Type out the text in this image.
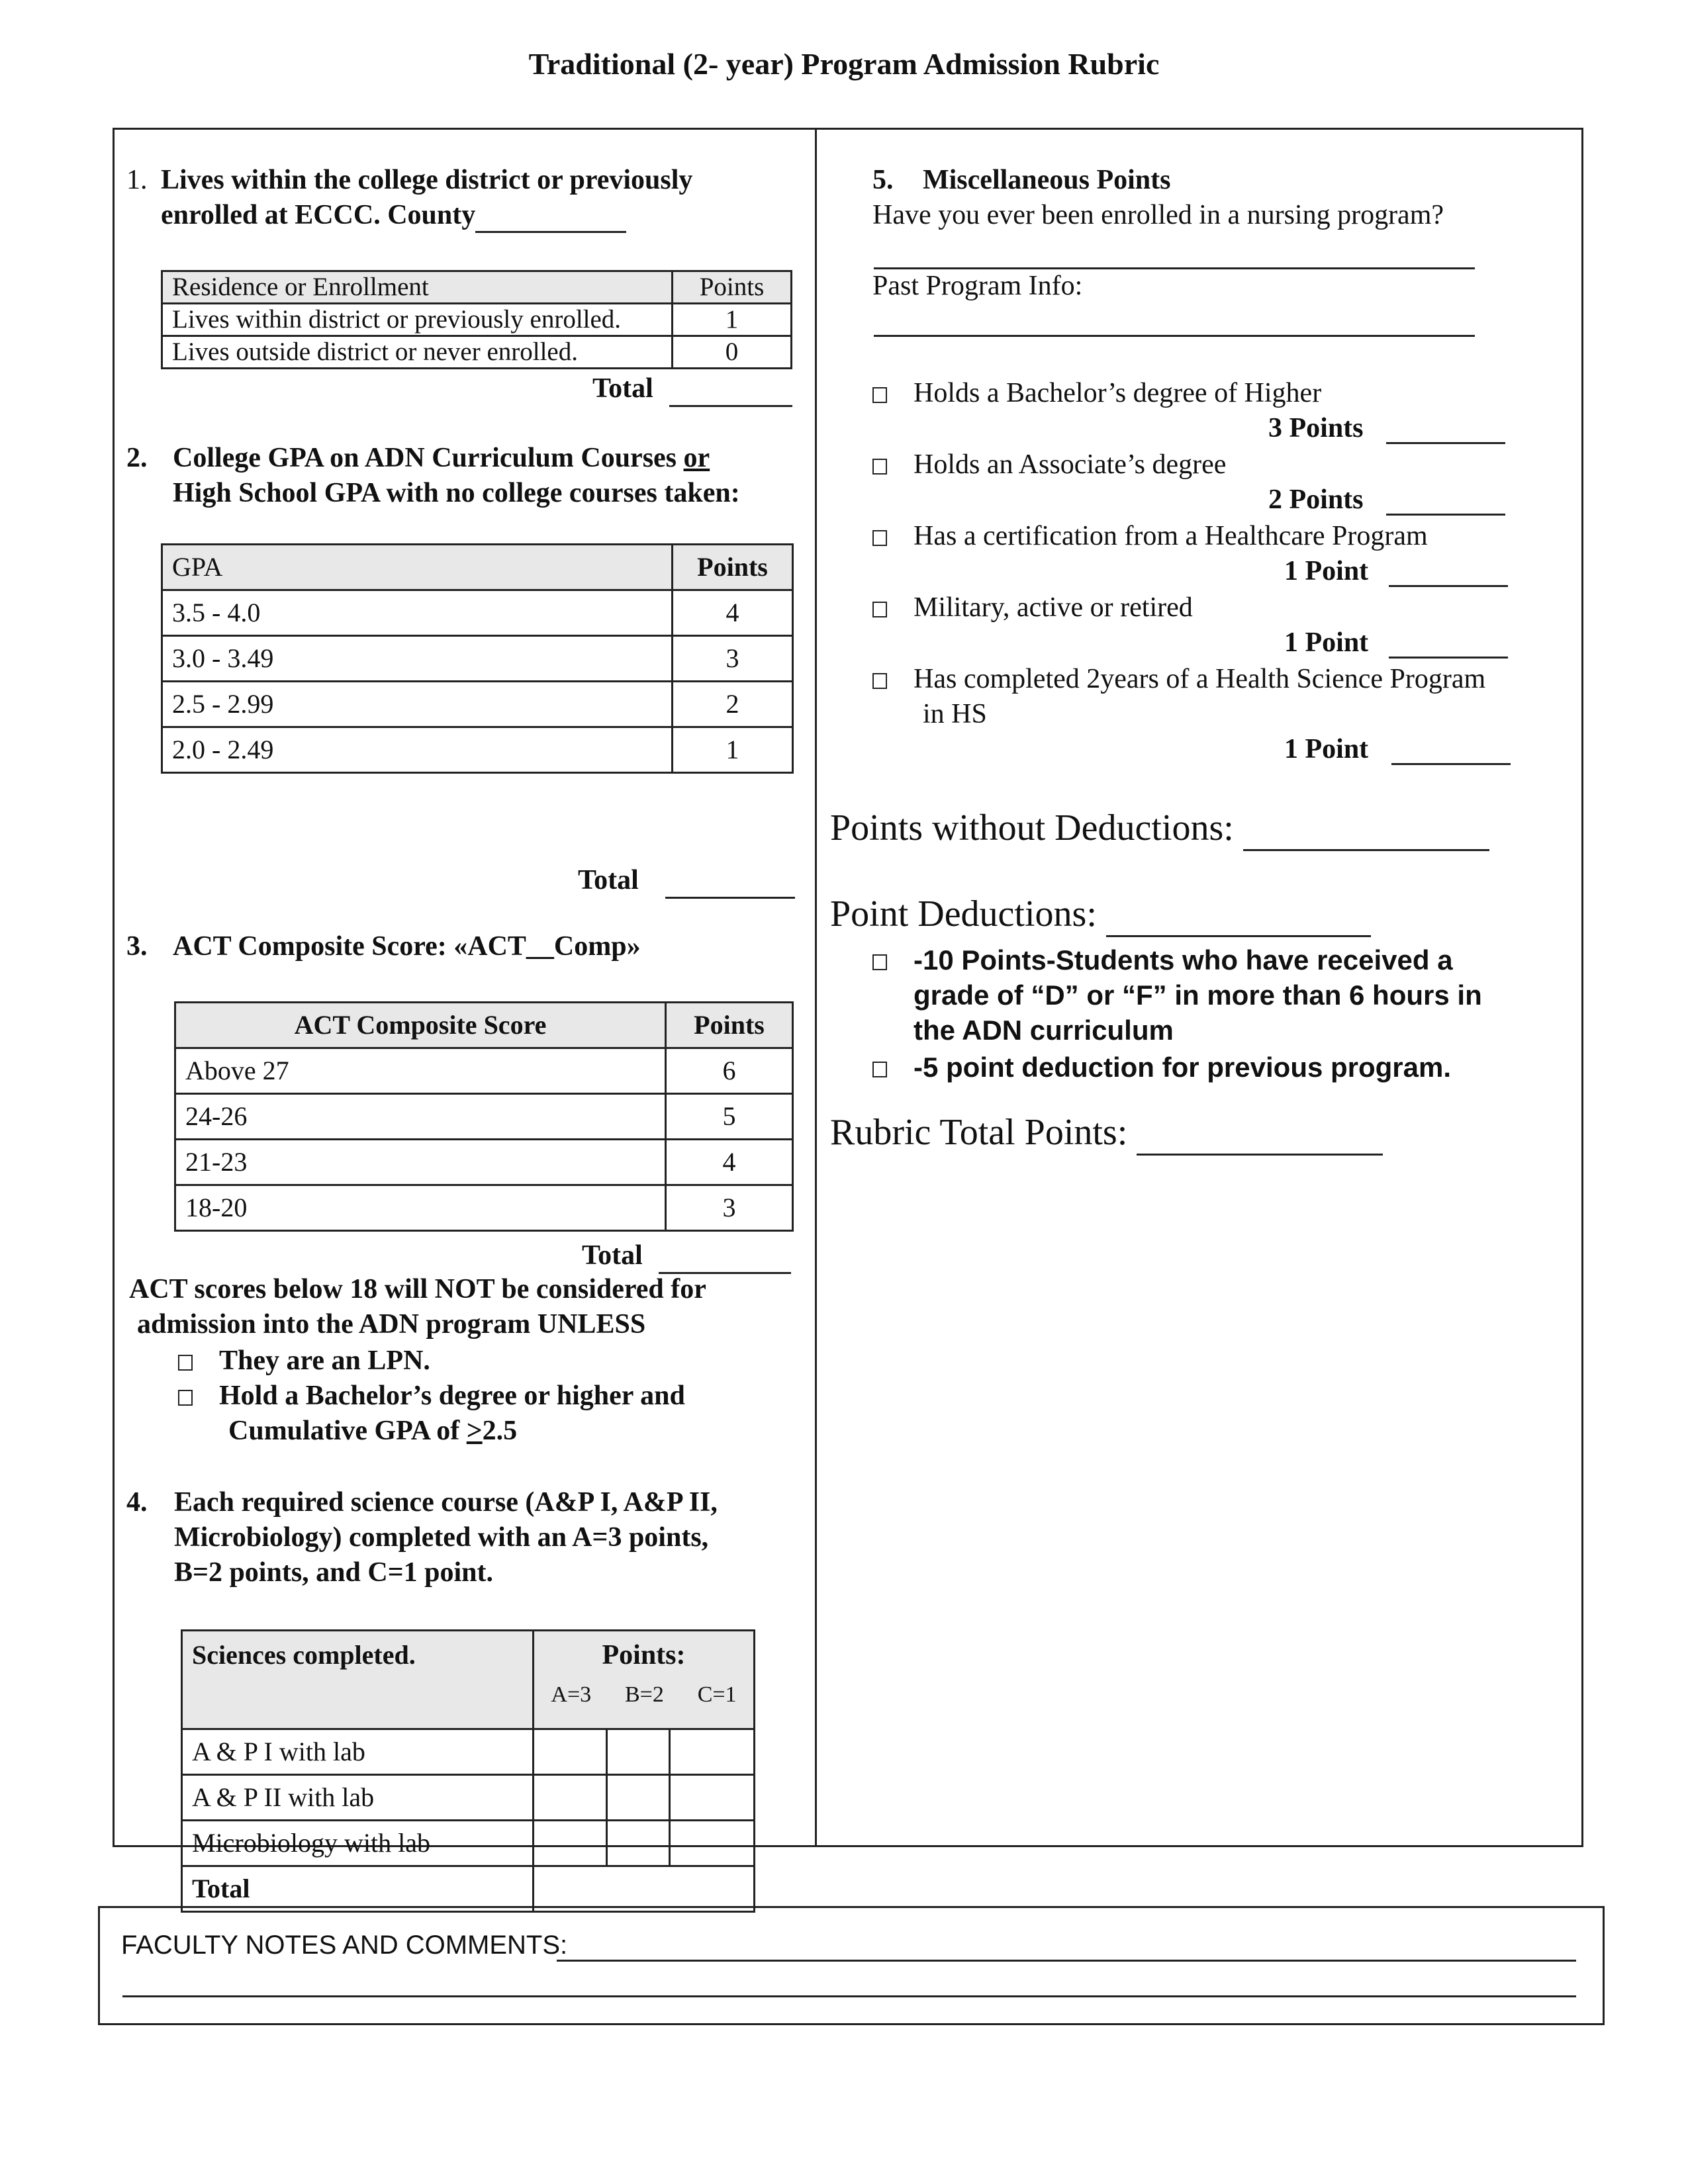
Traditional (2- year) Program Admission Rubric
1. Lives within the college district or previously
enrolled at ECCC. County
Residence or Enrollment	Points
Lives within district or previously enrolled.	1
Lives outside district or never enrolled.	0
Total
2. College GPA on ADN Curriculum Courses or
High School GPA with no college courses taken:
GPA	Points
3.5 - 4.0	4
3.0 - 3.49	3
2.5 - 2.99	2
2.0 - 2.49	1
Total
3. ACT Composite Score: «ACT__Comp»
ACT Composite Score	Points
Above 27	6
24-26	5
21-23	4
18-20	3
Total
ACT scores below 18 will NOT be considered for
admission into the ADN program UNLESS
They are an LPN.
Hold a Bachelor’s degree or higher and
Cumulative GPA of ≥2.5
4. Each required science course (A&P I, A&P II,
Microbiology) completed with an A=3 points,
B=2 points, and C=1 point.
Sciences completed.	Points:
A=3 B=2 C=1		

A & P I with lab			
A & P II with lab			
Microbiology with lab			
Total			
5. Miscellaneous Points
Have you ever been enrolled in a nursing program?
Past Program Info:
Holds a Bachelor’s degree of Higher
3 Points
Holds an Associate’s degree
2 Points
Has a certification from a Healthcare Program
1 Point
Military, active or retired
1 Point
Has completed 2years of a Health Science Program
in HS
1 Point
Points without Deductions:
Point Deductions:
-10 Points-Students who have received a
grade of “D” or “F” in more than 6 hours in
the ADN curriculum
-5 point deduction for previous program.
Rubric Total Points:
FACULTY NOTES AND COMMENTS:
